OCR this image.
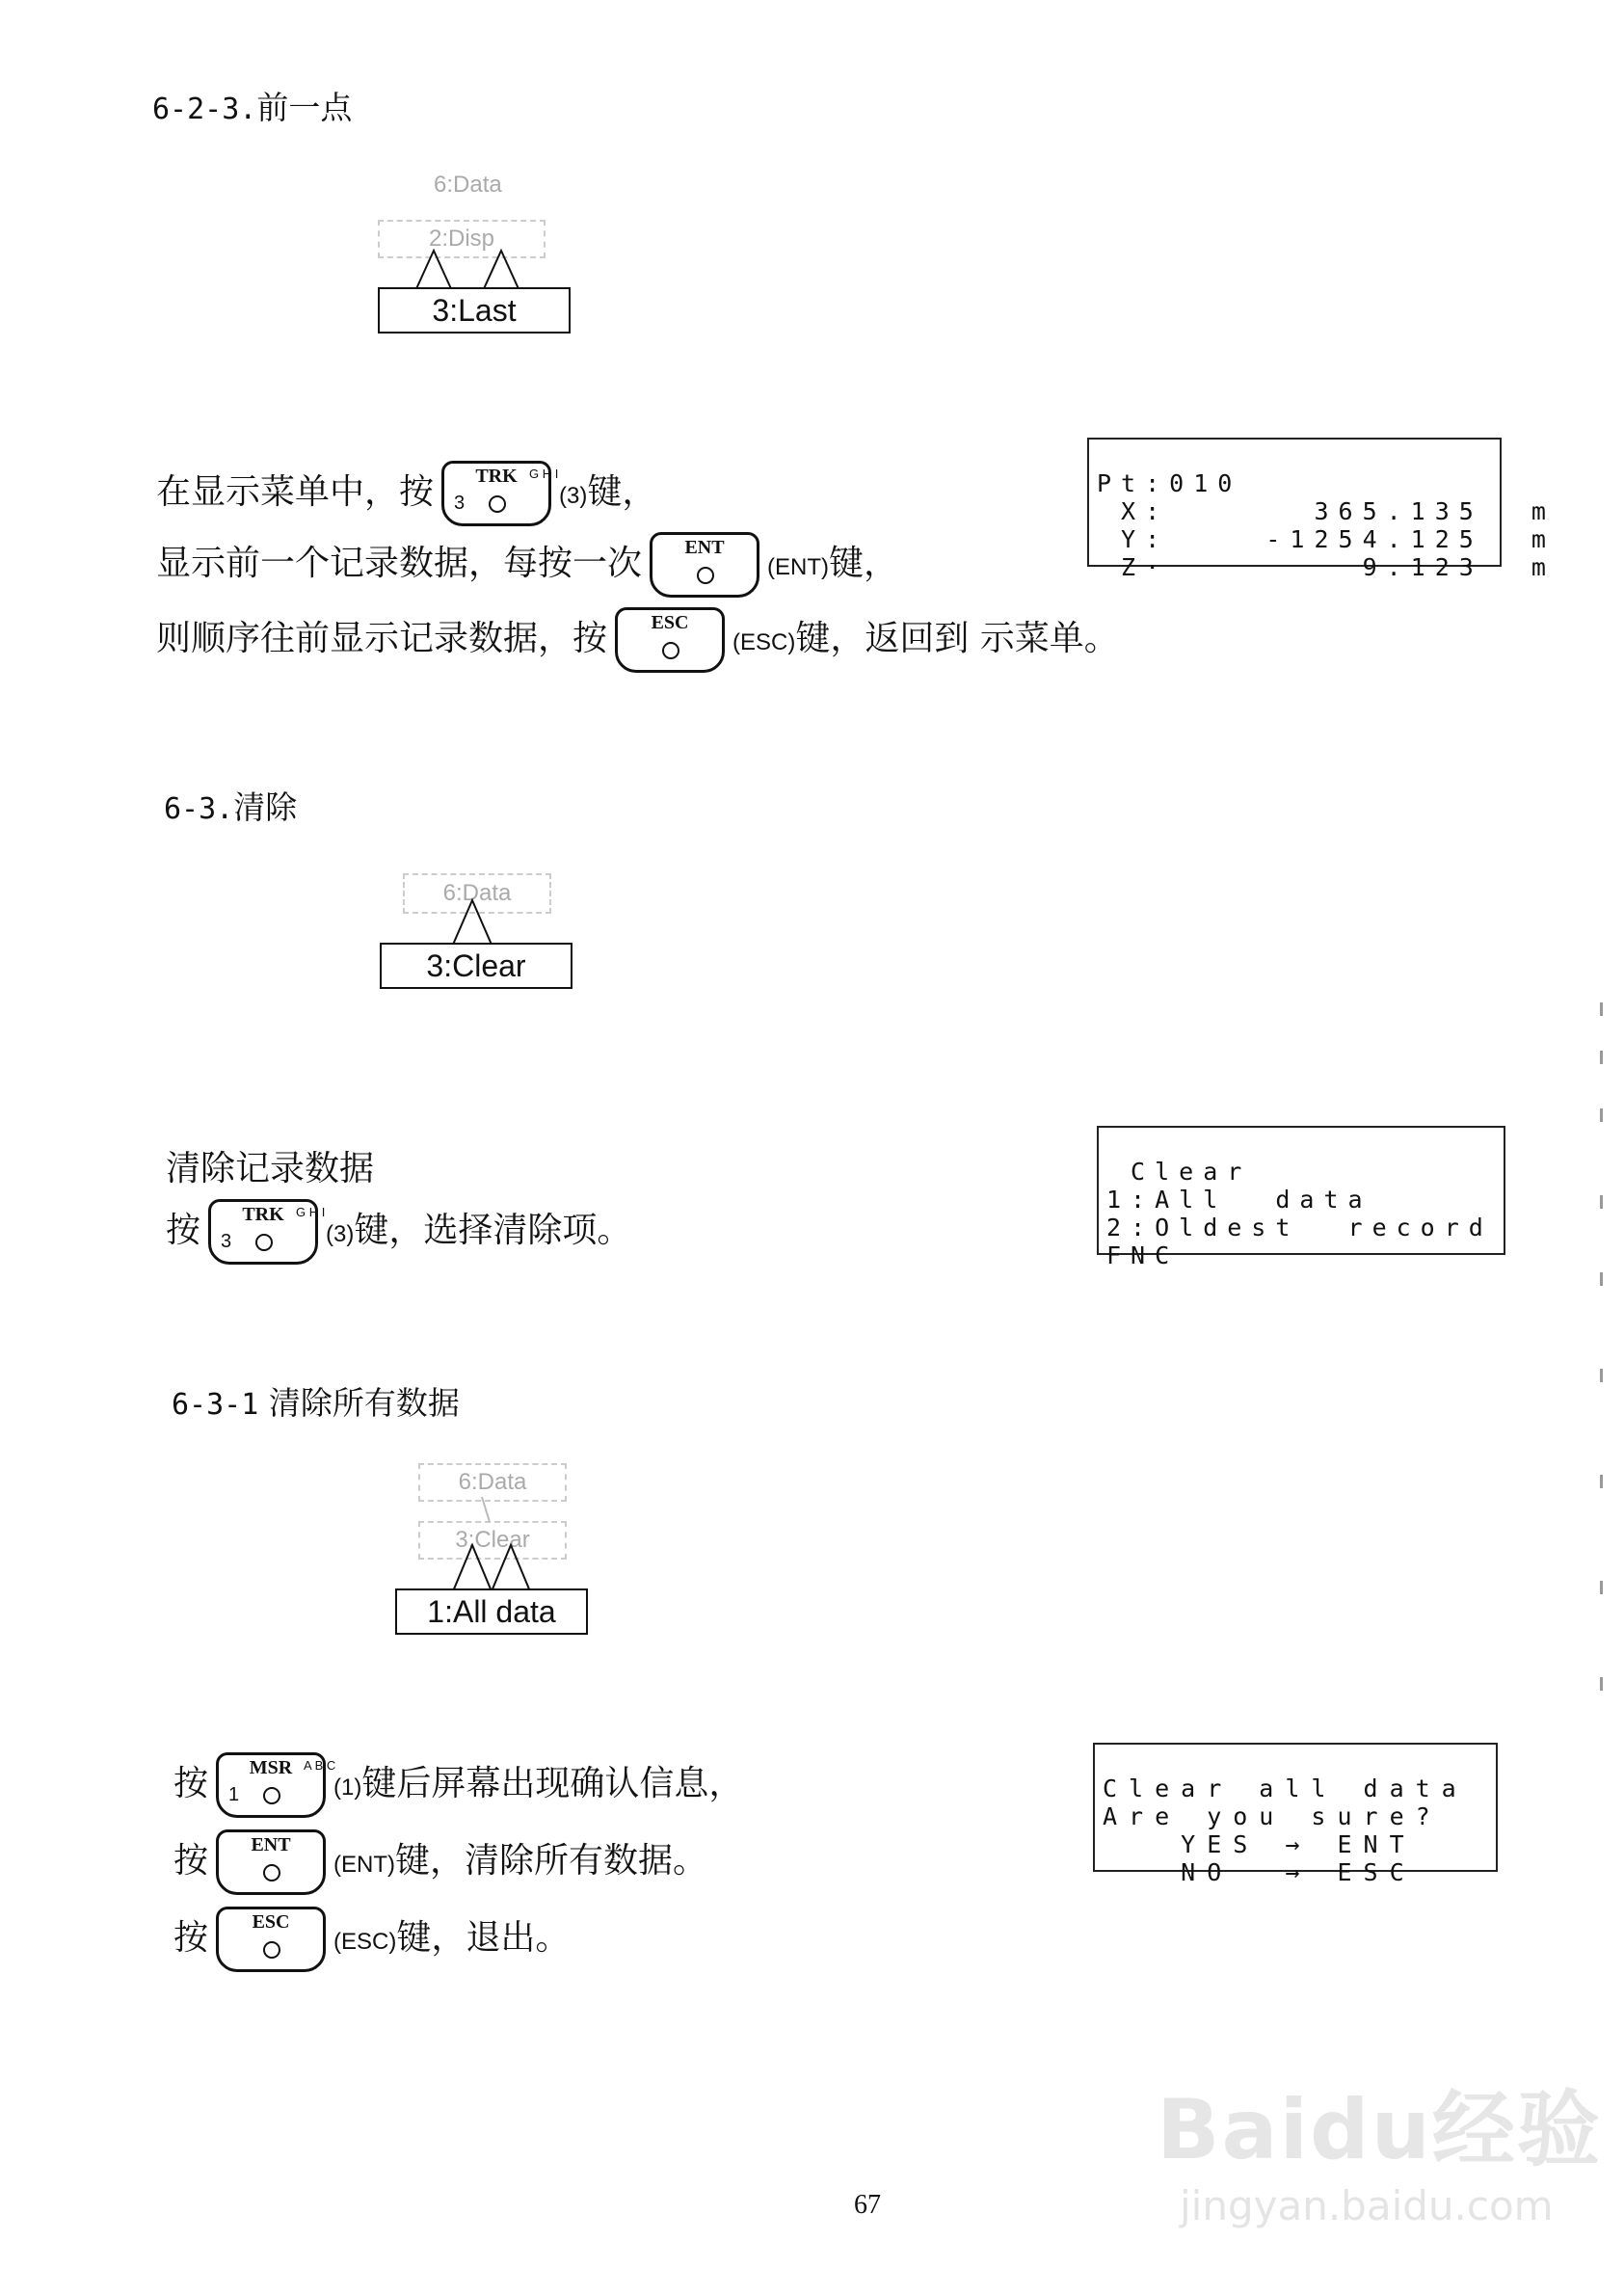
6-2-3.前一点
6:Data
2:Disp
3:Last
在显示菜单中，按	TRK
3
G H I
(3)键，
显示前一个记录数据，每按一次	ENT
(ENT)键，
则顺序往前显示记录数据，按	ESC
(ESC)键，返回到 示菜单。

Pt:010
X:      365.135  m
Y:    -1254.125  m
Z·        9.123  m

6-3.清除
6:Data
3:Clear
清除记录数据
按	TRK
3
G H I
(3)键，选择清除项。

Clear
1:All  data
2:Oldest  record
FNC

6-3-1 清除所有数据
6:Data
3:Clear
1:All data
按	MSR
1
A B C
(1)键后屏幕出现确认信息，
按	ENT
(ENT)键，清除所有数据。
按	ESC
(ESC)键，退出。

Clear all data
Are you sure?
YES → ENT
NO  → ESC

67
Baidu经验
jingyan.baidu.com
